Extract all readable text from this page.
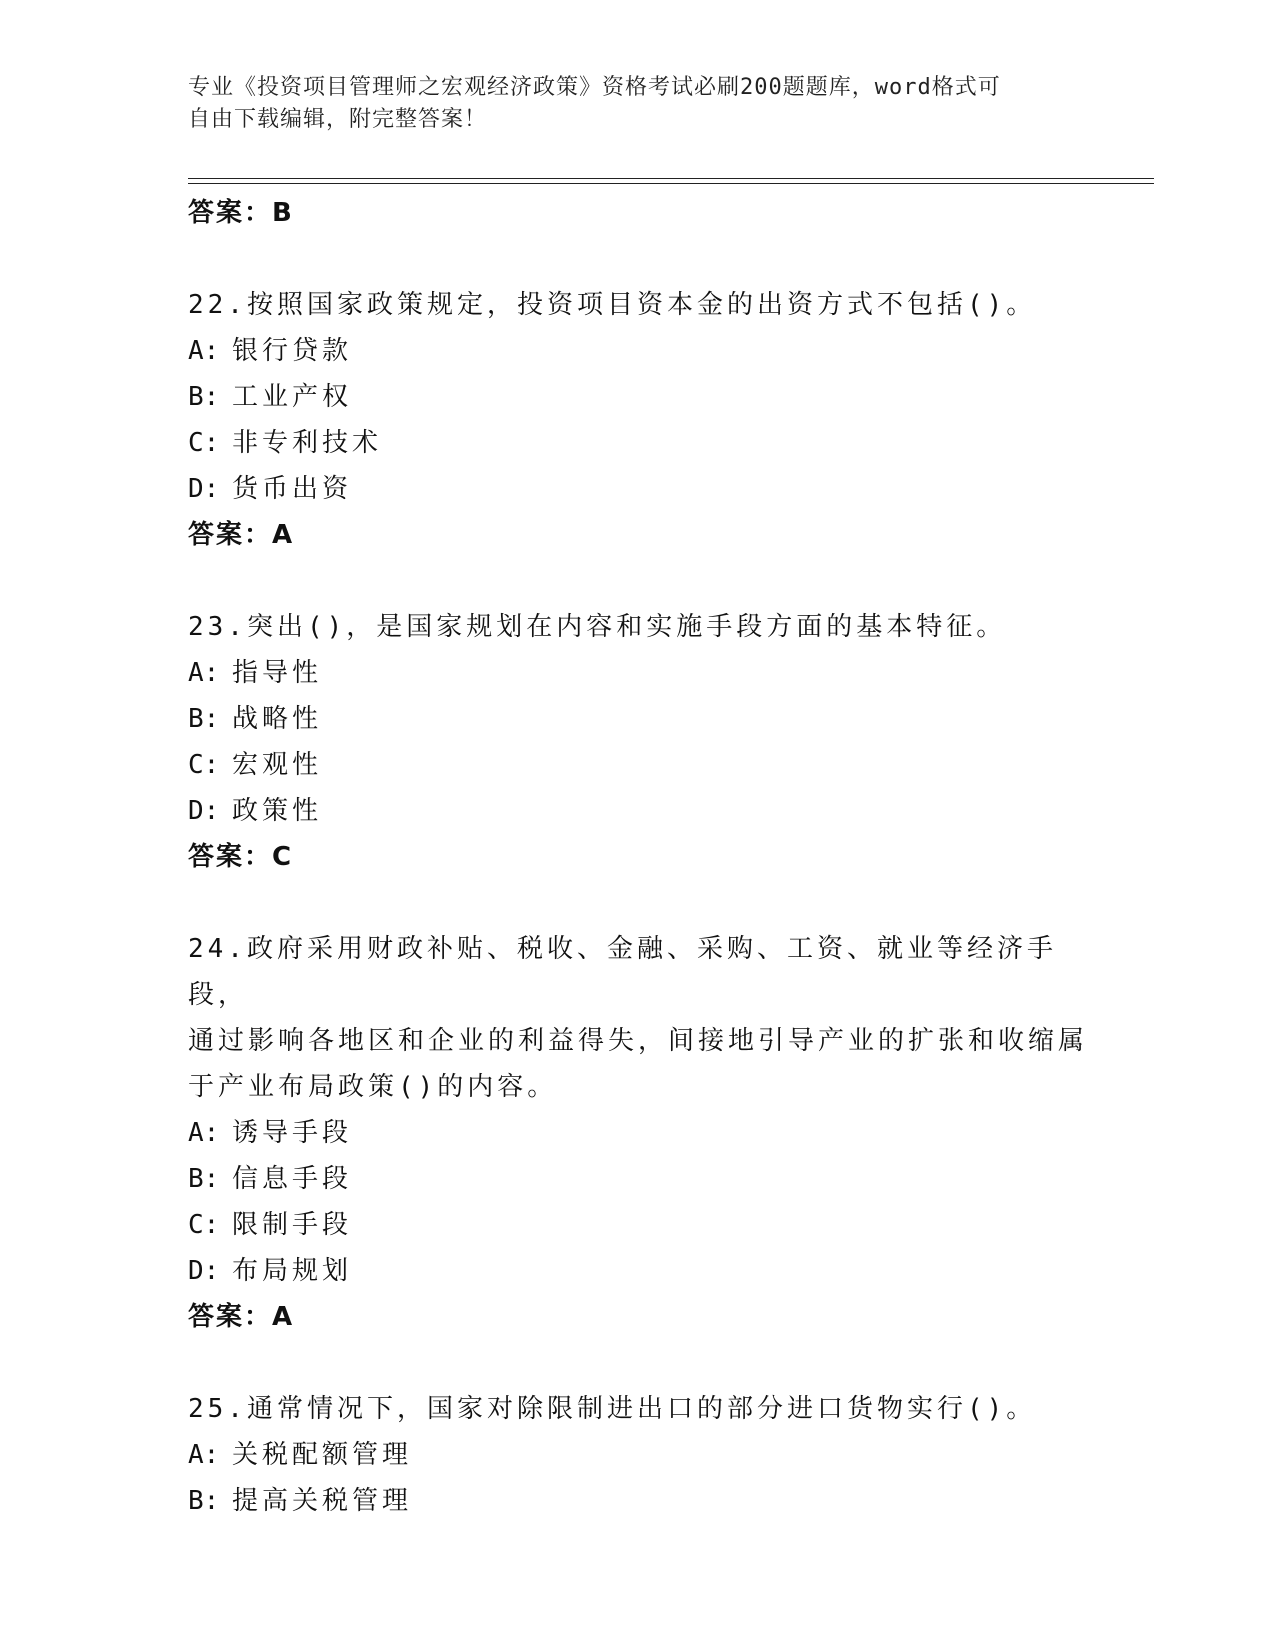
专业《投资项目管理师之宏观经济政策》资格考试必刷200题题库，word格式可
自由下载编辑，附完整答案！
答案：B
22.按照国家政策规定，投资项目资本金的出资方式不包括()。
A: 银行贷款
B: 工业产权
C: 非专利技术
D: 货币出资
答案：A
23.突出()，是国家规划在内容和实施手段方面的基本特征。
A: 指导性
B: 战略性
C: 宏观性
D: 政策性
答案：C
24.政府采用财政补贴、税收、金融、采购、工资、就业等经济手段，
通过影响各地区和企业的利益得失，间接地引导产业的扩张和收缩属
于产业布局政策()的内容。
A: 诱导手段
B: 信息手段
C: 限制手段
D: 布局规划
答案：A
25.通常情况下，国家对除限制进出口的部分进口货物实行()。
A: 关税配额管理
B: 提高关税管理
